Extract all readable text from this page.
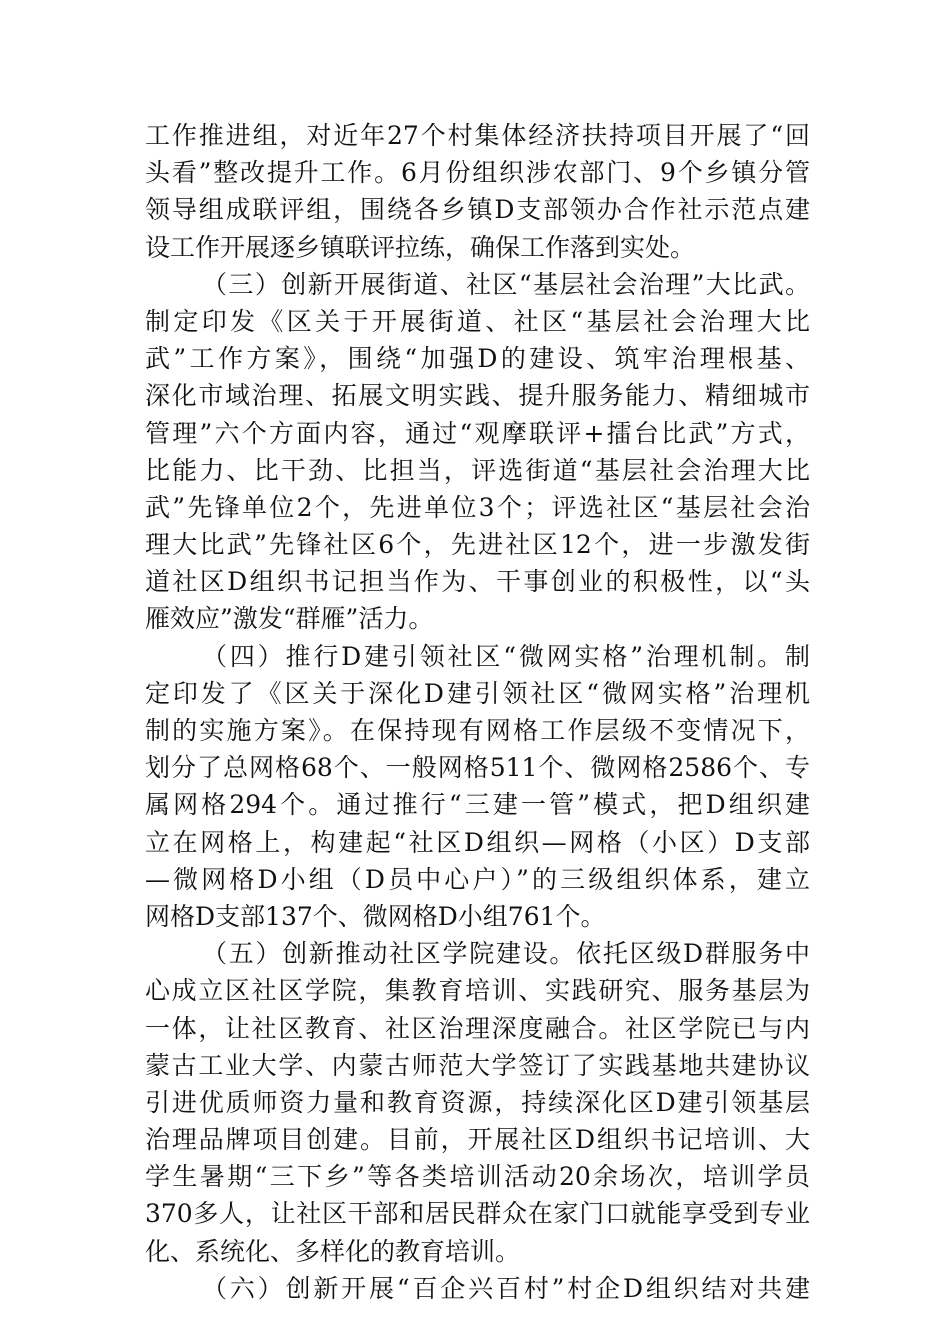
工作推进组，对近年27个村集体经济扶持项目开展了“回
头看”整改提升工作。6月份组织涉农部门、9个乡镇分管
领导组成联评组，围绕各乡镇D支部领办合作社示范点建
设工作开展逐乡镇联评拉练，确保工作落到实处。
（三）创新开展街道、社区“基层社会治理”大比武。
制定印发《区关于开展街道、社区“基层社会治理大比
武”工作方案》，围绕“加强D的建设、筑牢治理根基、
深化市域治理、拓展文明实践、提升服务能力、精细城市
管理”六个方面内容，通过“观摩联评+擂台比武”方式，
比能力、比干劲、比担当，评选街道“基层社会治理大比
武”先锋单位2个，先进单位3个；评选社区“基层社会治
理大比武”先锋社区6个，先进社区12个，进一步激发街
道社区D组织书记担当作为、干事创业的积极性，以“头
雁效应”激发“群雁”活力。
（四）推行D建引领社区“微网实格”治理机制。制
定印发了《区关于深化D建引领社区“微网实格”治理机
制的实施方案》。在保持现有网格工作层级不变情况下，
划分了总网格68个、一般网格511个、微网格2586个、专
属网格294个。通过推行“三建一管”模式，把D组织建
立在网格上，构建起“社区D组织—网格（小区）D支部
—微网格D小组（D员中心户）”的三级组织体系，建立
网格D支部137个、微网格D小组761个。
（五）创新推动社区学院建设。依托区级D群服务中
心成立区社区学院，集教育培训、实践研究、服务基层为
一体，让社区教育、社区治理深度融合。社区学院已与内
蒙古工业大学、内蒙古师范大学签订了实践基地共建协议
引进优质师资力量和教育资源，持续深化区D建引领基层
治理品牌项目创建。目前，开展社区D组织书记培训、大
学生暑期“三下乡”等各类培训活动20余场次，培训学员
370多人，让社区干部和居民群众在家门口就能享受到专业
化、系统化、多样化的教育培训。
（六）创新开展“百企兴百村”村企D组织结对共建
